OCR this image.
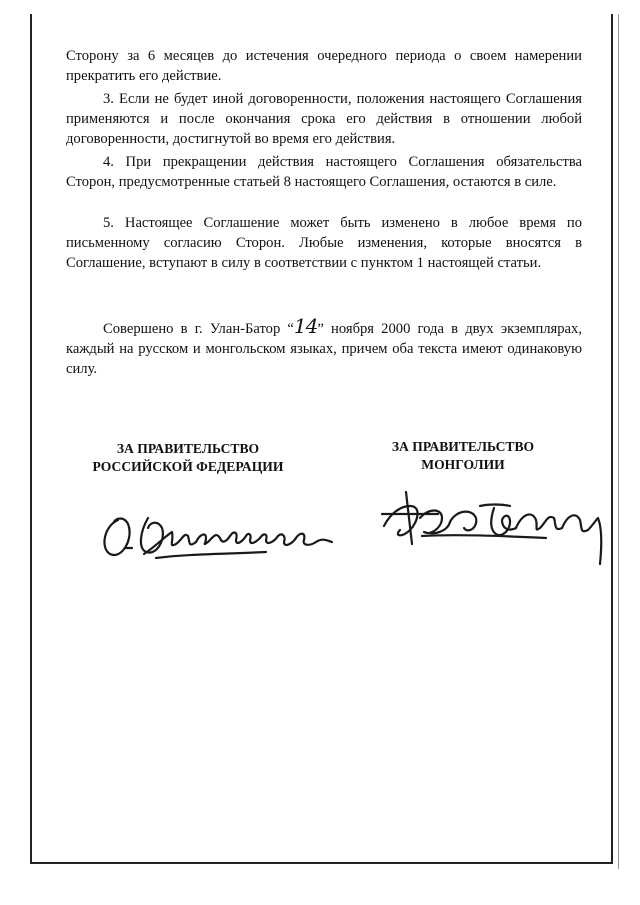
Сторону за 6 месяцев до истечения очередного периода о своем намерении прекратить его действие.
3. Если не будет иной договоренности, положения настоящего Соглашения применяются и после окончания срока его действия в отношении любой договоренности, достигнутой во время его действия.
4. При прекращении действия настоящего Соглашения обязательства Сторон, предусмотренные статьей 8 настоящего Соглашения, остаются в силе.
5. Настоящее Соглашение может быть изменено в любое время по письменному согласию Сторон. Любые изменения, которые вносятся в Соглашение, вступают в силу в соответствии с пунктом 1 настоящей статьи.
Совершено в г. Улан-Батор “14” ноября 2000 года в двух экземплярах, каждый на русском и монгольском языках, причем оба текста имеют одинаковую силу.
ЗА ПРАВИТЕЛЬСТВО
РОССИЙСКОЙ ФЕДЕРАЦИИ
ЗА ПРАВИТЕЛЬСТВО
МОНГОЛИИ
